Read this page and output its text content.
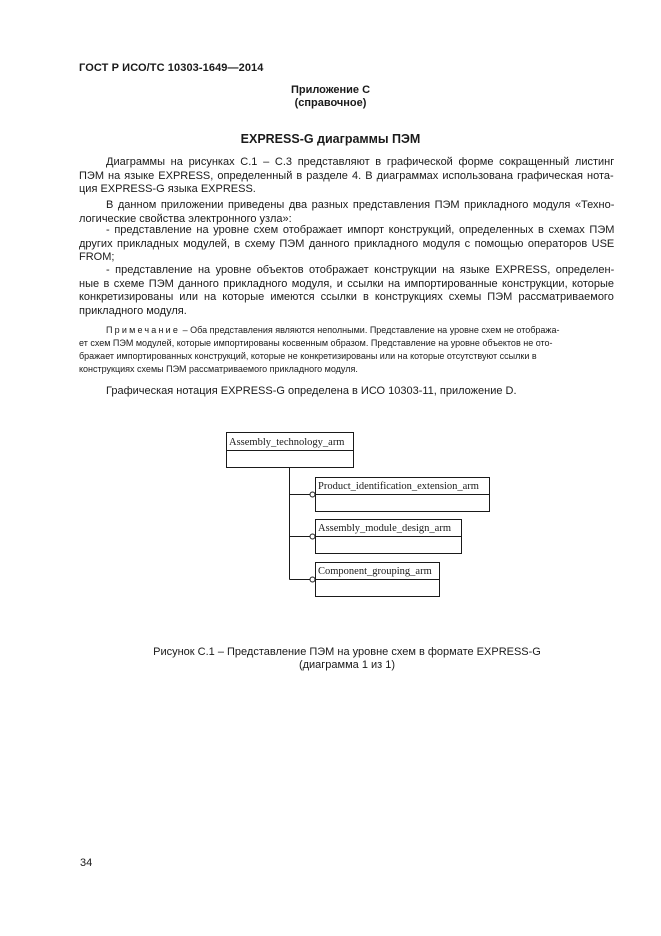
ГОСТ Р ИСО/ТС 10303-1649—2014
Приложение C
(справочное)
EXPRESS-G диаграммы ПЭМ
Диаграммы на рисунках C.1 – C.3 представляют в графической форме сокращенный листинг
ПЭМ на языке EXPRESS, определенный в разделе 4. В диаграммах использована графическая нота-
ция EXPRESS-G языка EXPRESS.
В данном приложении приведены два разных представления ПЭМ прикладного модуля «Техно-
логические свойства электронного узла»:
- представление на уровне схем отображает импорт конструкций, определенных в схемах ПЭМ
других прикладных модулей, в схему ПЭМ данного прикладного модуля с помощью операторов USE
FROM;
- представление на уровне объектов отображает конструкции на языке EXPRESS, определен-
ные в схеме ПЭМ данного прикладного модуля, и ссылки на импортированные конструкции, которые
конкретизированы или на которые имеются ссылки в конструкциях схемы ПЭМ рассматриваемого
прикладного модуля.
Примечание – Оба представления являются неполными. Представление на уровне схем не отобража-
ет схем ПЭМ модулей, которые импортированы косвенным образом. Представление на уровне объектов не ото-
бражает импортированных конструкций, которые не конкретизированы или на которые отсутствуют ссылки в
конструкциях схемы ПЭМ рассматриваемого прикладного модуля.
Графическая нотация EXPRESS-G определена в ИСО 10303-11, приложение D.
Assembly_technology_arm
Product_identification_extension_arm
Assembly_module_design_arm
Component_grouping_arm
Рисунок C.1 – Представление ПЭМ на уровне схем в формате EXPRESS-G
(диаграмма 1 из 1)
34
